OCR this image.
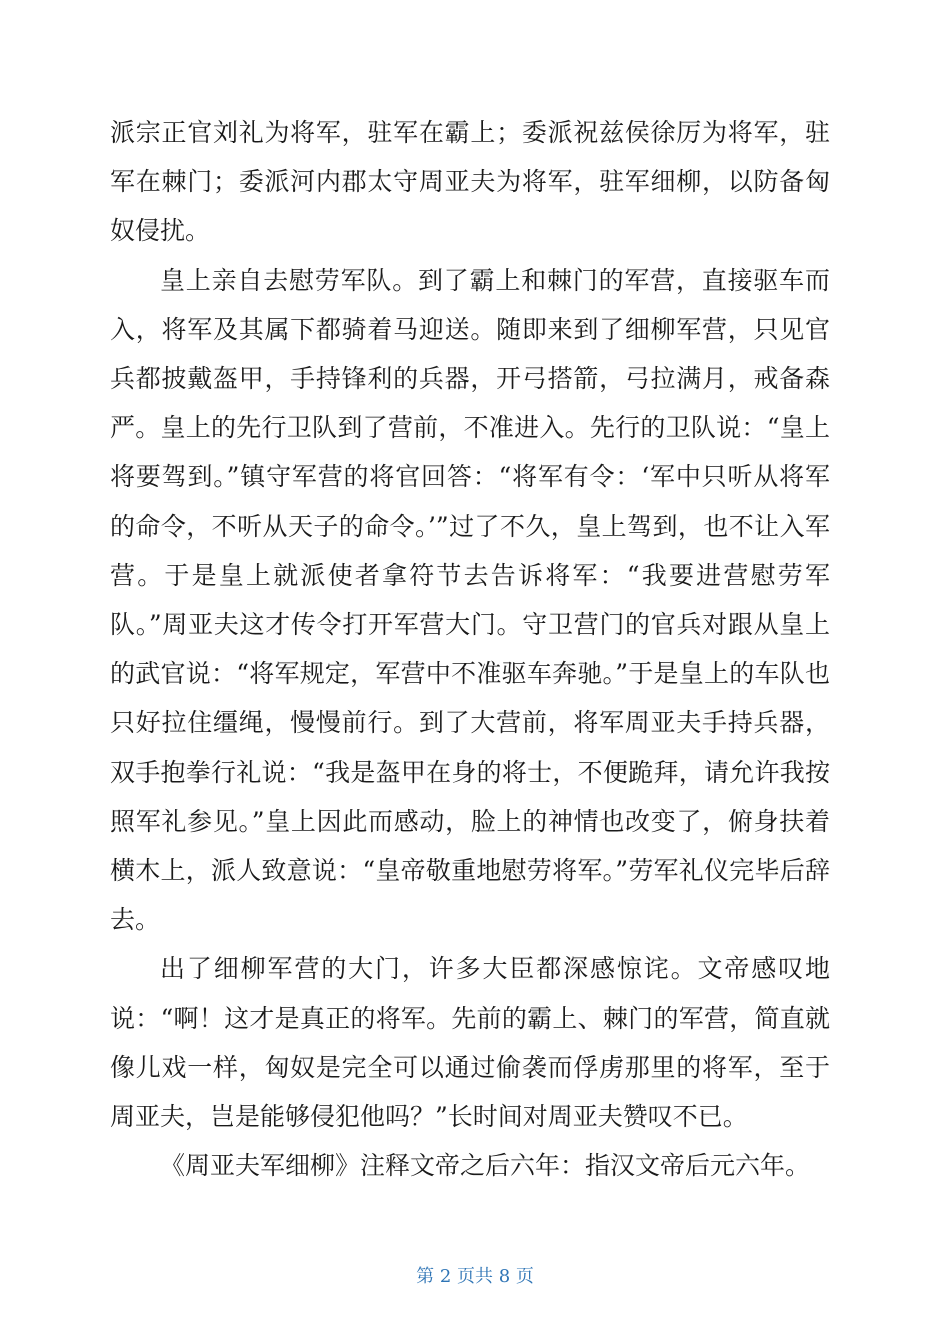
派宗正官刘礼为将军，驻军在霸上；委派祝兹侯徐厉为将军，驻军在棘门；委派河内郡太守周亚夫为将军，驻军细柳，以防备匈奴侵扰。

皇上亲自去慰劳军队。到了霸上和棘门的军营，直接驱车而入，将军及其属下都骑着马迎送。随即来到了细柳军营，只见官兵都披戴盔甲，手持锋利的兵器，开弓搭箭，弓拉满月，戒备森严。皇上的先行卫队到了营前，不准进入。先行的卫队说：“皇上将要驾到。”镇守军营的将官回答：“将军有令：‘军中只听从将军的命令，不听从天子的命令。’”过了不久，皇上驾到，也不让入军营。于是皇上就派使者拿符节去告诉将军：“我要进营慰劳军队。”周亚夫这才传令打开军营大门。守卫营门的官兵对跟从皇上的武官说：“将军规定，军营中不准驱车奔驰。”于是皇上的车队也只好拉住缰绳，慢慢前行。到了大营前，将军周亚夫手持兵器，双手抱拳行礼说：“我是盔甲在身的将士，不便跪拜，请允许我按照军礼参见。”皇上因此而感动，脸上的神情也改变了，俯身扶着横木上，派人致意说：“皇帝敬重地慰劳将军。”劳军礼仪完毕后辞去。

出了细柳军营的大门，许多大臣都深感惊诧。文帝感叹地说：“啊！这才是真正的将军。先前的霸上、棘门的军营，简直就像儿戏一样，匈奴是完全可以通过偷袭而俘虏那里的将军，至于周亚夫，岂是能够侵犯他吗？”长时间对周亚夫赞叹不已。

《周亚夫军细柳》注释文帝之后六年：指汉文帝后元六年。

第 2 页共 8 页
